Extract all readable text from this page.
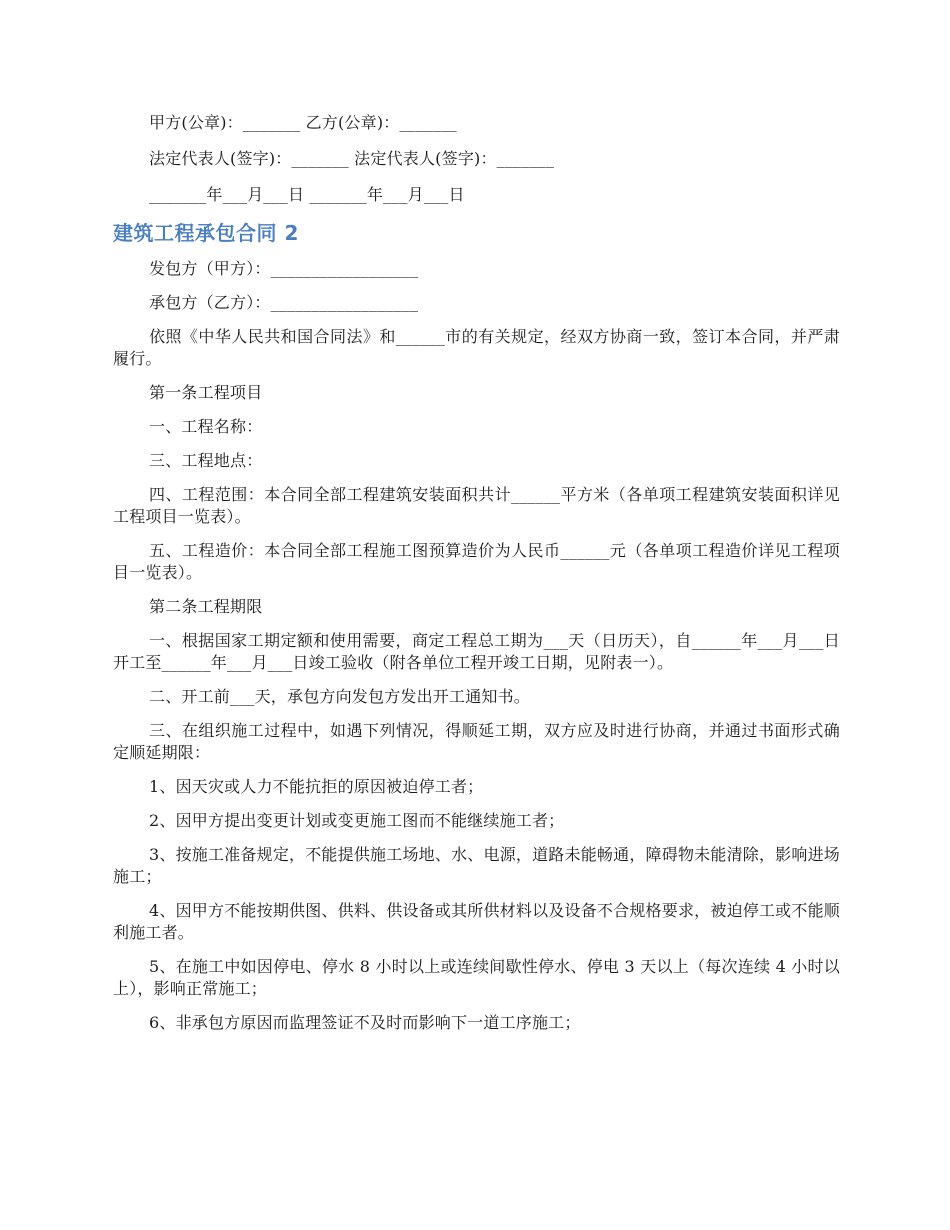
甲方(公章)：_______ 乙方(公章)：_______

法定代表人(签字)：_______ 法定代表人(签字)：_______

_______年___月___日 _______年___月___日

建筑工程承包合同 2

发包方（甲方）：__________________

承包方（乙方）：__________________

依照《中华人民共和国合同法》和______市的有关规定，经双方协商一致，签订本合同，并严肃履行。

第一条工程项目

一、工程名称：

三、工程地点：

四、工程范围：本合同全部工程建筑安装面积共计______平方米（各单项工程建筑安装面积详见工程项目一览表）。

五、工程造价：本合同全部工程施工图预算造价为人民币______元（各单项工程造价详见工程项目一览表）。

第二条工程期限

一、根据国家工期定额和使用需要，商定工程总工期为___天（日历天），自______年___月___日开工至______年___月___日竣工验收（附各单位工程开竣工日期，见附表一）。

二、开工前___天，承包方向发包方发出开工通知书。

三、在组织施工过程中，如遇下列情况，得顺延工期，双方应及时进行协商，并通过书面形式确定顺延期限：

1、因天灾或人力不能抗拒的原因被迫停工者；

2、因甲方提出变更计划或变更施工图而不能继续施工者；

3、按施工准备规定，不能提供施工场地、水、电源，道路未能畅通，障碍物未能清除，影响进场施工；

4、因甲方不能按期供图、供料、供设备或其所供材料以及设备不合规格要求，被迫停工或不能顺利施工者。

5、在施工中如因停电、停水 8 小时以上或连续间歇性停水、停电 3 天以上（每次连续 4 小时以上），影响正常施工；

6、非承包方原因而监理签证不及时而影响下一道工序施工；
